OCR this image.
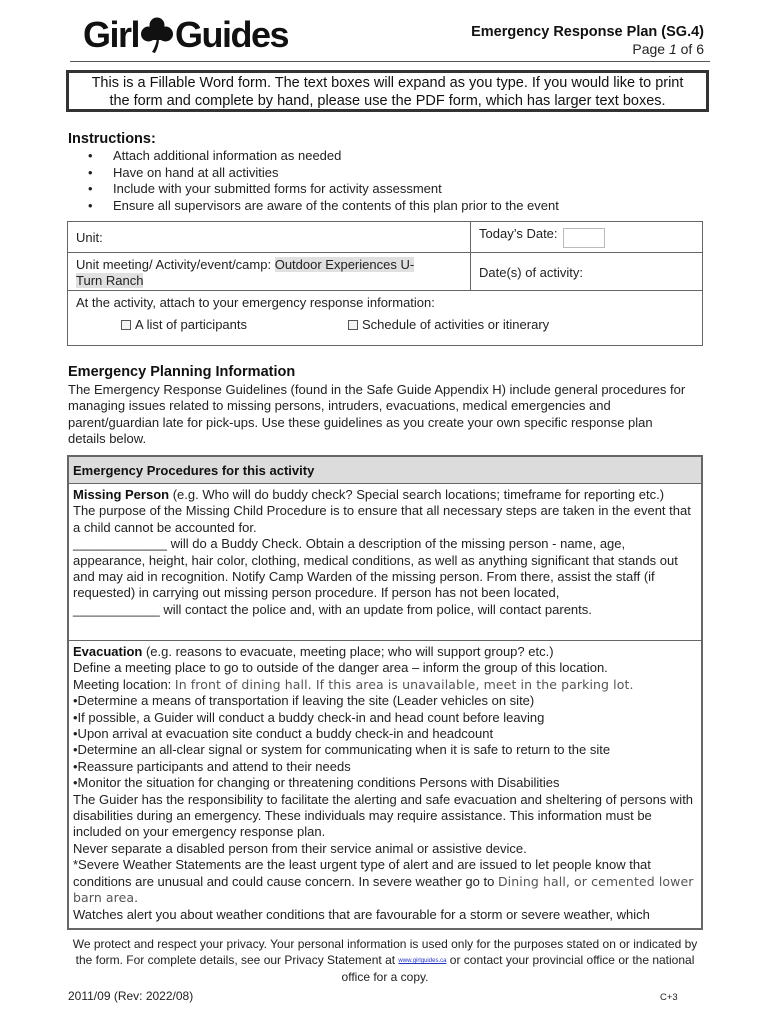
Girl Guides	Emergency Response Plan (SG.4)
Page 1 of 6
This is a Fillable Word form. The text boxes will expand as you type. If you would like to print
the form and complete by hand, please use the PDF form, which has larger text boxes.
Instructions:
• Attach additional information as needed
• Have on hand at all activities
• Include with your submitted forms for activity assessment
• Ensure all supervisors are aware of the contents of this plan prior to the event
Unit:	Today’s Date:
Unit meeting/ Activity/event/camp: Outdoor Experiences U-
Turn Ranch	Date(s) of activity:

At the activity, attach to your emergency response information:
A list of participants Schedule of activities or itinerary	
Emergency Planning Information
The Emergency Response Guidelines (found in the Safe Guide Appendix H) include general procedures for managing issues related to missing persons, intruders, evacuations, medical emergencies and parent/guardian late for pick-ups. Use these guidelines as you create your own specific response plan details below.
Emergency Procedures for this activity
Missing Person (e.g. Who will do buddy check? Special search locations; timeframe for reporting etc.)
The purpose of the Missing Child Procedure is to ensure that all necessary steps are taken in the event that a child cannot be accounted for.
_____________ will do a Buddy Check. Obtain a description of the missing person - name, age, appearance, height, hair color, clothing, medical conditions, as well as anything significant that stands out and may aid in recognition. Notify Camp Warden of the missing person. From there, assist the staff (if requested) in carrying out missing person procedure. If person has not been located,
____________ will contact the police and, with an update from police, will contact parents.
Evacuation (e.g. reasons to evacuate, meeting place; who will support group? etc.)
Define a meeting place to go to outside of the danger area – inform the group of this location.
Meeting location: In front of dining hall. If this area is unavailable, meet in the parking lot.
•Determine a means of transportation if leaving the site (Leader vehicles on site)
•If possible, a Guider will conduct a buddy check-in and head count before leaving
•Upon arrival at evacuation site conduct a buddy check-in and headcount
•Determine an all-clear signal or system for communicating when it is safe to return to the site
•Reassure participants and attend to their needs
•Monitor the situation for changing or threatening conditions Persons with Disabilities
The Guider has the responsibility to facilitate the alerting and safe evacuation and sheltering of persons with disabilities during an emergency. These individuals may require assistance. This information must be included on your emergency response plan.
Never separate a disabled person from their service animal or assistive device.
*Severe Weather Statements are the least urgent type of alert and are issued to let people know that conditions are unusual and could cause concern. In severe weather go to Dining hall, or cemented lower barn area.
Watches alert you about weather conditions that are favourable for a storm or severe weather, which
We protect and respect your privacy. Your personal information is used only for the purposes stated on or indicated by the form. For complete details, see our Privacy Statement at www.girlguides.ca or contact your provincial office or the national office for a copy.
2011/09 (Rev: 2022/08)	C+3
